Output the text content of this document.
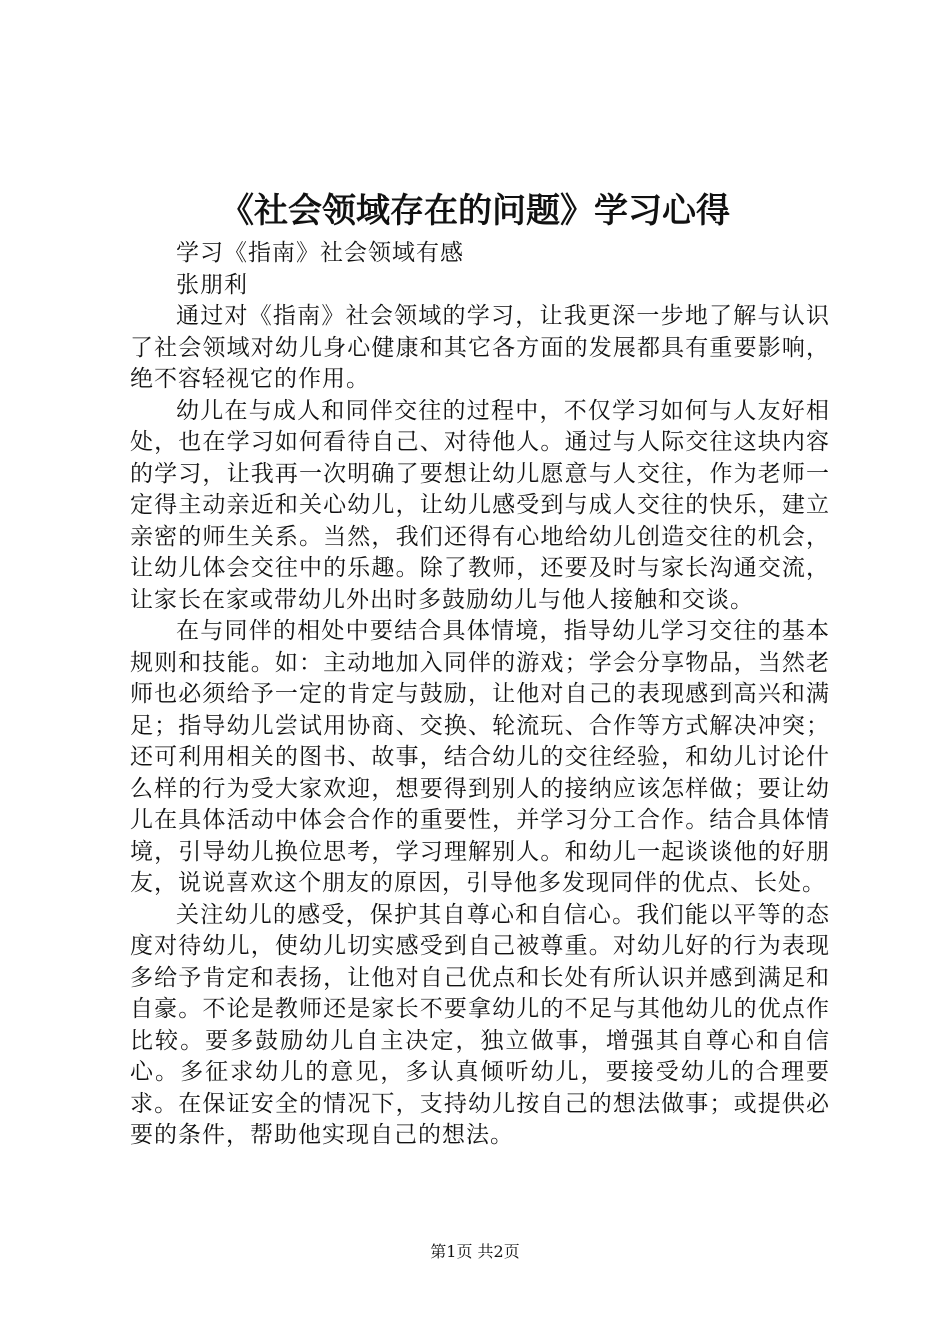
《社会领域存在的问题》学习心得

学习《指南》社会领域有感

张朋利

通过对《指南》社会领域的学习，让我更深一步地了解与认识了社会领域对幼儿身心健康和其它各方面的发展都具有重要影响，绝不容轻视它的作用。

幼儿在与成人和同伴交往的过程中，不仅学习如何与人友好相处，也在学习如何看待自己、对待他人。通过与人际交往这块内容的学习，让我再一次明确了要想让幼儿愿意与人交往，作为老师一定得主动亲近和关心幼儿，让幼儿感受到与成人交往的快乐，建立亲密的师生关系。当然，我们还得有心地给幼儿创造交往的机会，让幼儿体会交往中的乐趣。除了教师，还要及时与家长沟通交流，让家长在家或带幼儿外出时多鼓励幼儿与他人接触和交谈。

在与同伴的相处中要结合具体情境，指导幼儿学习交往的基本规则和技能。如：主动地加入同伴的游戏；学会分享物品，当然老师也必须给予一定的肯定与鼓励，让他对自己的表现感到高兴和满足；指导幼儿尝试用协商、交换、轮流玩、合作等方式解决冲突；还可利用相关的图书、故事，结合幼儿的交往经验，和幼儿讨论什么样的行为受大家欢迎，想要得到别人的接纳应该怎样做；要让幼儿在具体活动中体会合作的重要性，并学习分工合作。结合具体情境，引导幼儿换位思考，学习理解别人。和幼儿一起谈谈他的好朋友，说说喜欢这个朋友的原因，引导他多发现同伴的优点、长处。

关注幼儿的感受，保护其自尊心和自信心。我们能以平等的态度对待幼儿，使幼儿切实感受到自己被尊重。对幼儿好的行为表现多给予肯定和表扬，让他对自己优点和长处有所认识并感到满足和自豪。不论是教师还是家长不要拿幼儿的不足与其他幼儿的优点作比较。要多鼓励幼儿自主决定，独立做事，增强其自尊心和自信心。多征求幼儿的意见，多认真倾听幼儿，要接受幼儿的合理要求。在保证安全的情况下，支持幼儿按自己的想法做事；或提供必要的条件，帮助他实现自己的想法。

第1页 共2页
